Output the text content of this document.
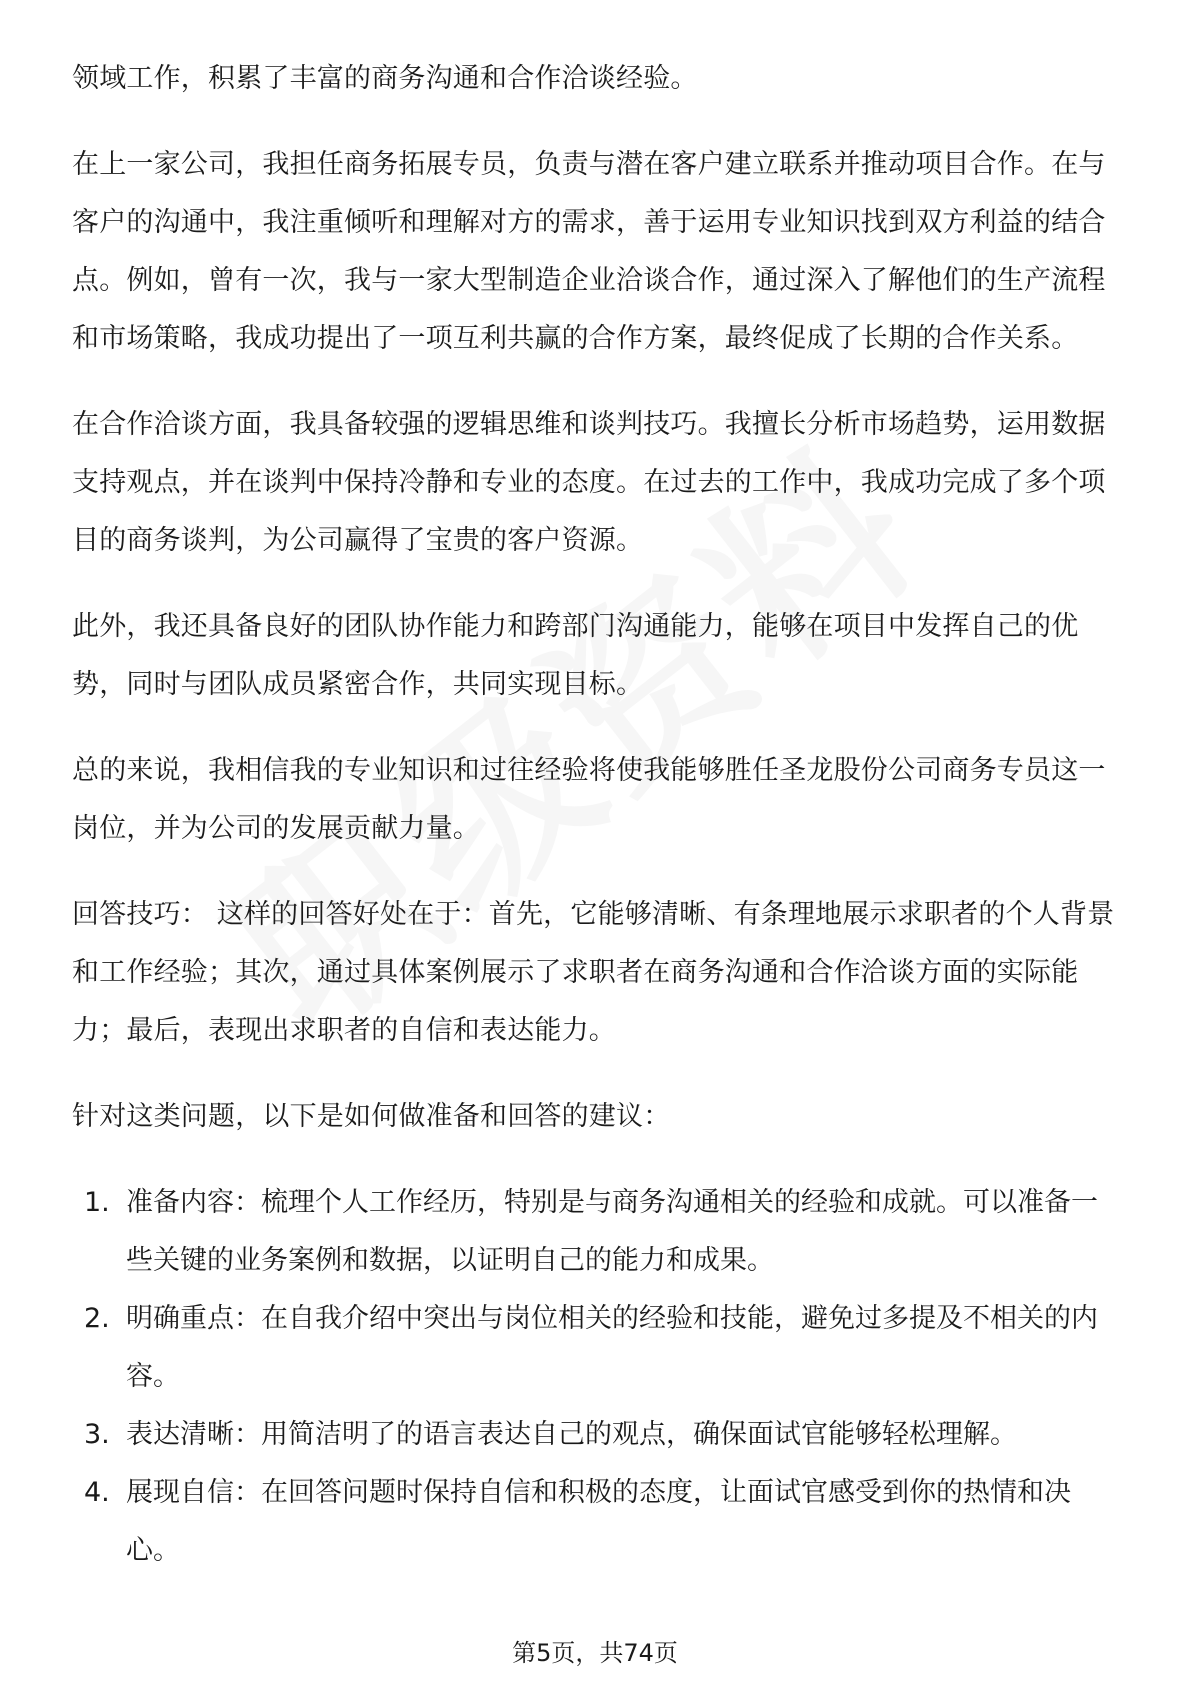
领域工作，积累了丰富的商务沟通和合作洽谈经验。

在上一家公司，我担任商务拓展专员，负责与潜在客户建立联系并推动项目合作。在与客户的沟通中，我注重倾听和理解对方的需求，善于运用专业知识找到双方利益的结合点。例如，曾有一次，我与一家大型制造企业洽谈合作，通过深入了解他们的生产流程和市场策略，我成功提出了一项互利共赢的合作方案，最终促成了长期的合作关系。

在合作洽谈方面，我具备较强的逻辑思维和谈判技巧。我擅长分析市场趋势，运用数据支持观点，并在谈判中保持冷静和专业的态度。在过去的工作中，我成功完成了多个项目的商务谈判，为公司赢得了宝贵的客户资源。

此外，我还具备良好的团队协作能力和跨部门沟通能力，能够在项目中发挥自己的优势，同时与团队成员紧密合作，共同实现目标。

总的来说，我相信我的专业知识和过往经验将使我能够胜任圣龙股份公司商务专员这一岗位，并为公司的发展贡献力量。

回答技巧： 这样的回答好处在于：首先，它能够清晰、有条理地展示求职者的个人背景和工作经验；其次，通过具体案例展示了求职者在商务沟通和合作洽谈方面的实际能力；最后，表现出求职者的自信和表达能力。

针对这类问题，以下是如何做准备和回答的建议：

1. 准备内容：梳理个人工作经历，特别是与商务沟通相关的经验和成就。可以准备一些关键的业务案例和数据，以证明自己的能力和成果。
2. 明确重点：在自我介绍中突出与岗位相关的经验和技能，避免过多提及不相关的内容。
3. 表达清晰：用简洁明了的语言表达自己的观点，确保面试官能够轻松理解。
4. 展现自信：在回答问题时保持自信和积极的态度，让面试官感受到你的热情和决心。
第5页，共74页
